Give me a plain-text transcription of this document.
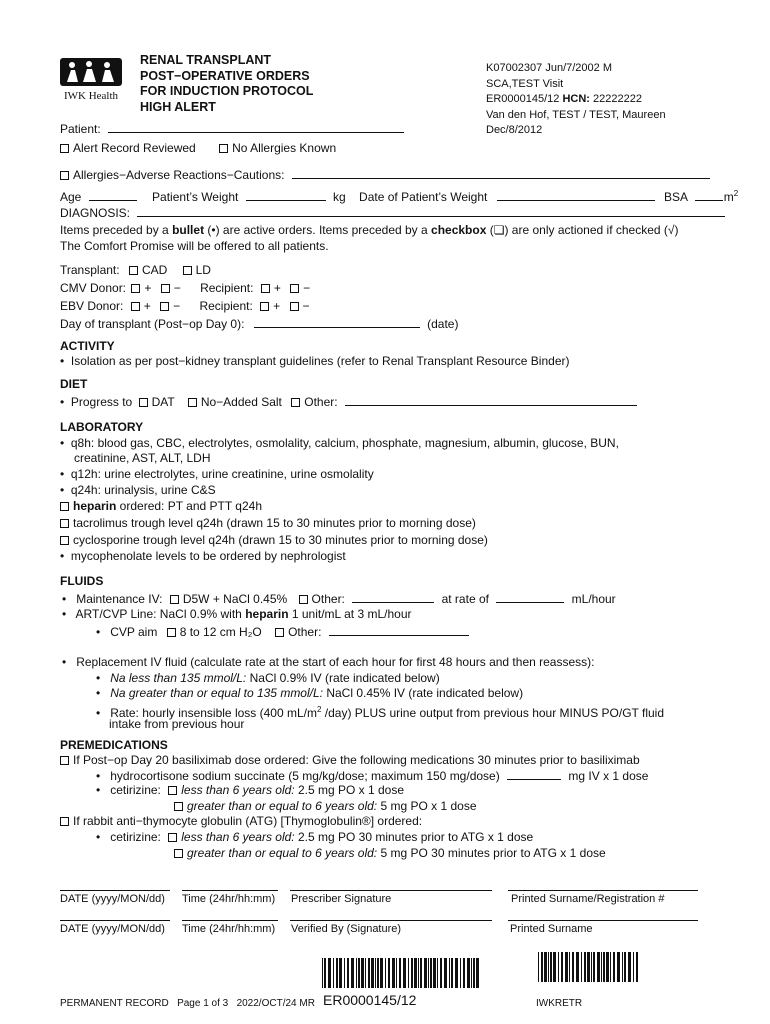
IWK Health
RENAL TRANSPLANT
POST−OPERATIVE ORDERS
FOR INDUCTION PROTOCOL
HIGH ALERT
K07002307 Jun/7/2002 M
SCA,TEST Visit
ER0000145/12 HCN: 22222222
Van den Hof, TEST / TEST, Maureen
Dec/8/2012
Patient:
Alert Record Reviewed	No Allergies Known
Allergies−Adverse Reactions−Cautions:
Age	Patient’s Weight	kg Date of Patient’s Weight	BSA	$m^2$
DIAGNOSIS:
Items preceded by a bullet (•) are active orders. Items preceded by a checkbox (❏) are only actioned if checked (√)
The Comfort Promise will be offered to all patients.
Transplant: CAD LD
CMV Donor: + − Recipient: + −
EBV Donor: + − Recipient: + −
Day of transplant (Post−op Day 0):	(date)
ACTIVITY
•  Isolation as per post−kidney transplant guidelines (refer to Renal Transplant Resource Binder)
DIET
•  Progress to DAT No−Added Salt Other:
LABORATORY
•  q8h: blood gas, CBC, electrolytes, osmolality, calcium, phosphate, magnesium, albumin, glucose, BUN,
creatinine, AST, ALT, LDH
•  q12h: urine electrolytes, urine creatinine, urine osmolality
•  q24h: urinalysis, urine C&S
heparin ordered: PT and PTT q24h
tacrolimus trough level q24h (drawn 15 to 30 minutes prior to morning dose)
cyclosporine trough level q24h (drawn 15 to 30 minutes prior to morning dose)
•  mycophenolate levels to be ordered by nephrologist
FLUIDS
•   Maintenance IV: D5W + NaCl 0.45% Other:	at rate of	mL/hour
•   ART/CVP Line: NaCl 0.9% with heparin 1 unit/mL at 3 mL/hour
•   CVP aim 8 to 12 cm H₂O Other:
•   Replacement IV fluid (calculate rate at the start of each hour for first 48 hours and then reassess):
•   Na less than 135 mmol/L: NaCl 0.9% IV (rate indicated below)
•   Na greater than or equal to 135 mmol/L: NaCl 0.45% IV (rate indicated below)
•   Rate: hourly insensible loss (400 $mL/m^2$ /day) PLUS urine output from previous hour MINUS PO/GT fluid
intake from previous hour
PREMEDICATIONS
If Post−op Day 20 basiliximab dose ordered: Give the following medications 30 minutes prior to basiliximab
•   hydrocortisone sodium succinate (5 mg/kg/dose; maximum 150 mg/dose)	mg IV x 1 dose
•   cetirizine: less than 6 years old: 2.5 mg PO x 1 dose
greater than or equal to 6 years old: 5 mg PO x 1 dose
If rabbit anti−thymocyte globulin (ATG) [Thymoglobulin®] ordered:
•   cetirizine: less than 6 years old: 2.5 mg PO 30 minutes prior to ATG x 1 dose
greater than or equal to 6 years old: 5 mg PO 30 minutes prior to ATG x 1 dose
DATE (yyyy/MON/dd) Time (24hr/hh:mm) Prescriber Signature	Printed Surname/Registration #
DATE (yyyy/MON/dd) Time (24hr/hh:mm) Verified By (Signature)	Printed Surname
PERMANENT RECORD Page 1 of 3 2022/OCT/24 MR ER0000145/12	IWKRETR
